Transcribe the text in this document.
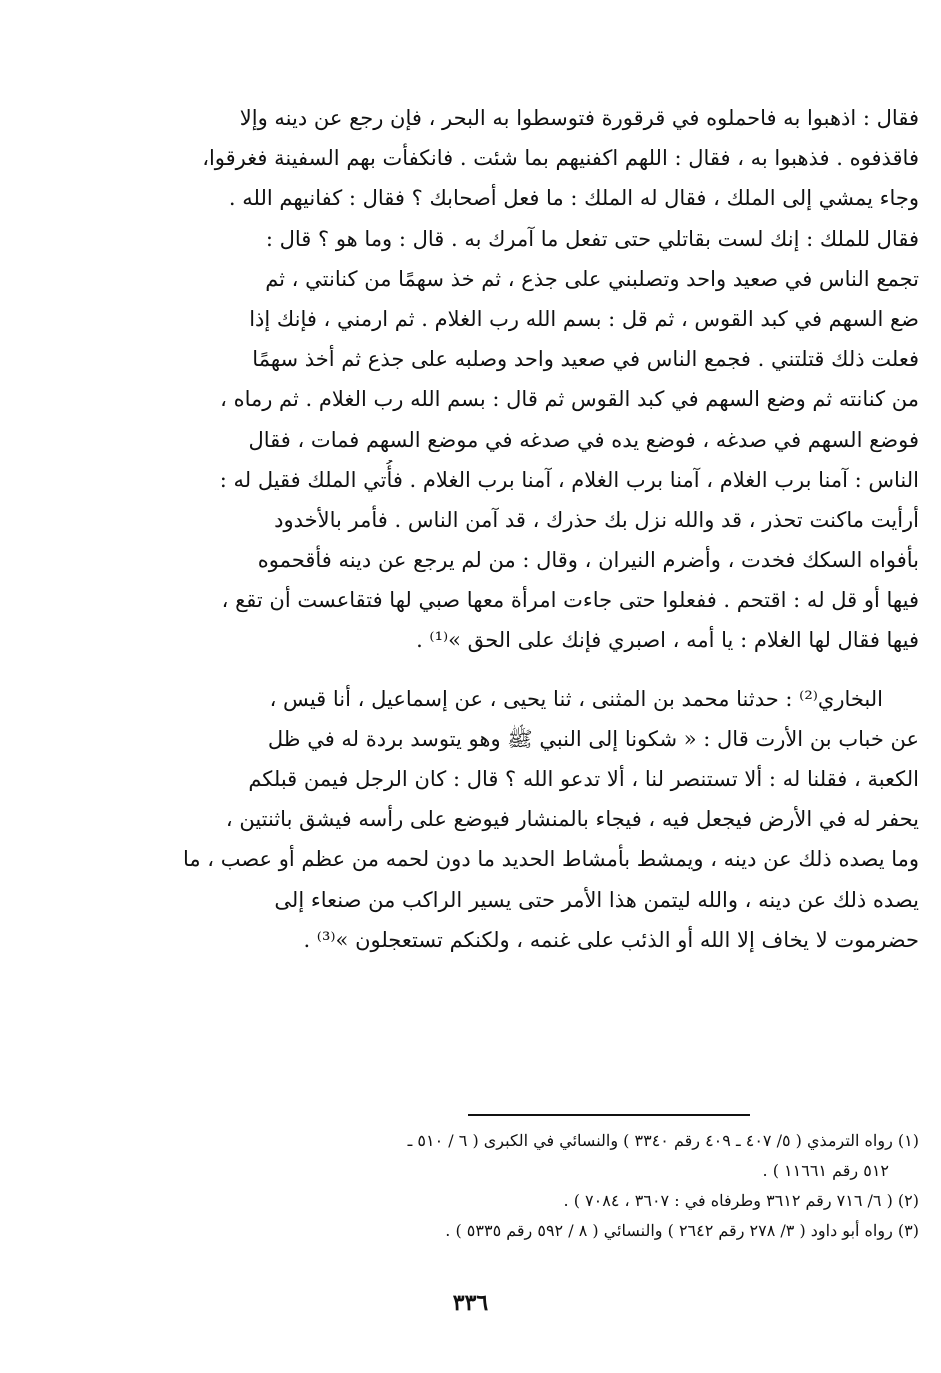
فقال : اذهبوا به فاحملوه في قرقورة فتوسطوا به البحر ، فإن رجع عن دينه وإلا
فاقذفوه . فذهبوا به ، فقال : اللهم اكفنيهم بما شئت . فانكفأت بهم السفينة فغرقوا،
وجاء يمشي إلى الملك ، فقال له الملك : ما فعل أصحابك ؟ فقال : كفانيهم الله .
فقال للملك : إنك لست بقاتلي حتى تفعل ما آمرك به . قال : وما هو ؟ قال :
تجمع الناس في صعيد واحد وتصلبني على جذع ، ثم خذ سهمًا من كنانتي ، ثم
ضع السهم في كبد القوس ، ثم قل : بسم الله رب الغلام . ثم ارمني ، فإنك إذا
فعلت ذلك قتلتني . فجمع الناس في صعيد واحد وصلبه على جذع ثم أخذ سهمًا
من كنانته ثم وضع السهم في كبد القوس ثم قال : بسم الله رب الغلام . ثم رماه ،
فوضع السهم في صدغه ، فوضع يده في صدغه في موضع السهم فمات ، فقال
الناس : آمنا برب الغلام ، آمنا برب الغلام ، آمنا برب الغلام . فأُتي الملك فقيل له :
أرأيت ماكنت تحذر ، قد والله نزل بك حذرك ، قد آمن الناس . فأمر بالأخدود
بأفواه السكك فخدت ، وأضرم النيران ، وقال : من لم يرجع عن دينه فأقحموه
فيها أو قل له : اقتحم . ففعلوا حتى جاءت امرأة معها صبي لها فتقاعست أن تقع ،
فيها فقال لها الغلام : يا أمه ، اصبري فإنك على الحق »⁽¹⁾ .
البخاري⁽²⁾ : حدثنا محمد بن المثنى ، ثنا يحيى ، عن إسماعيل ، أنا قيس ،
عن خباب بن الأرت قال : « شكونا إلى النبي ﷺ وهو يتوسد بردة له في ظل
الكعبة ، فقلنا له : ألا تستنصر لنا ، ألا تدعو الله ؟ قال : كان الرجل فيمن قبلكم
يحفر له في الأرض فيجعل فيه ، فيجاء بالمنشار فيوضع على رأسه فيشق باثنتين ،
وما يصده ذلك عن دينه ، ويمشط بأمشاط الحديد ما دون لحمه من عظم أو عصب ، ما
يصده ذلك عن دينه ، والله ليتمن هذا الأمر حتى يسير الراكب من صنعاء إلى
حضرموت لا يخاف إلا الله أو الذئب على غنمه ، ولكنكم تستعجلون »⁽³⁾ .
(١) رواه الترمذي ( ٥/ ٤٠٧ ـ ٤٠٩ رقم ٣٣٤٠ ) والنسائي في الكبرى ( ٦ / ٥١٠ ـ
٥١٢ رقم ١١٦٦١ ) .
(٢) ( ٦/ ٧١٦ رقم ٣٦١٢ وطرفاه في : ٣٦٠٧ ، ٧٠٨٤ ) .
(٣) رواه أبو داود ( ٣/ ٢٧٨ رقم ٢٦٤٢ ) والنسائي ( ٨ / ٥٩٢ رقم ٥٣٣٥ ) .
٣٣٦
